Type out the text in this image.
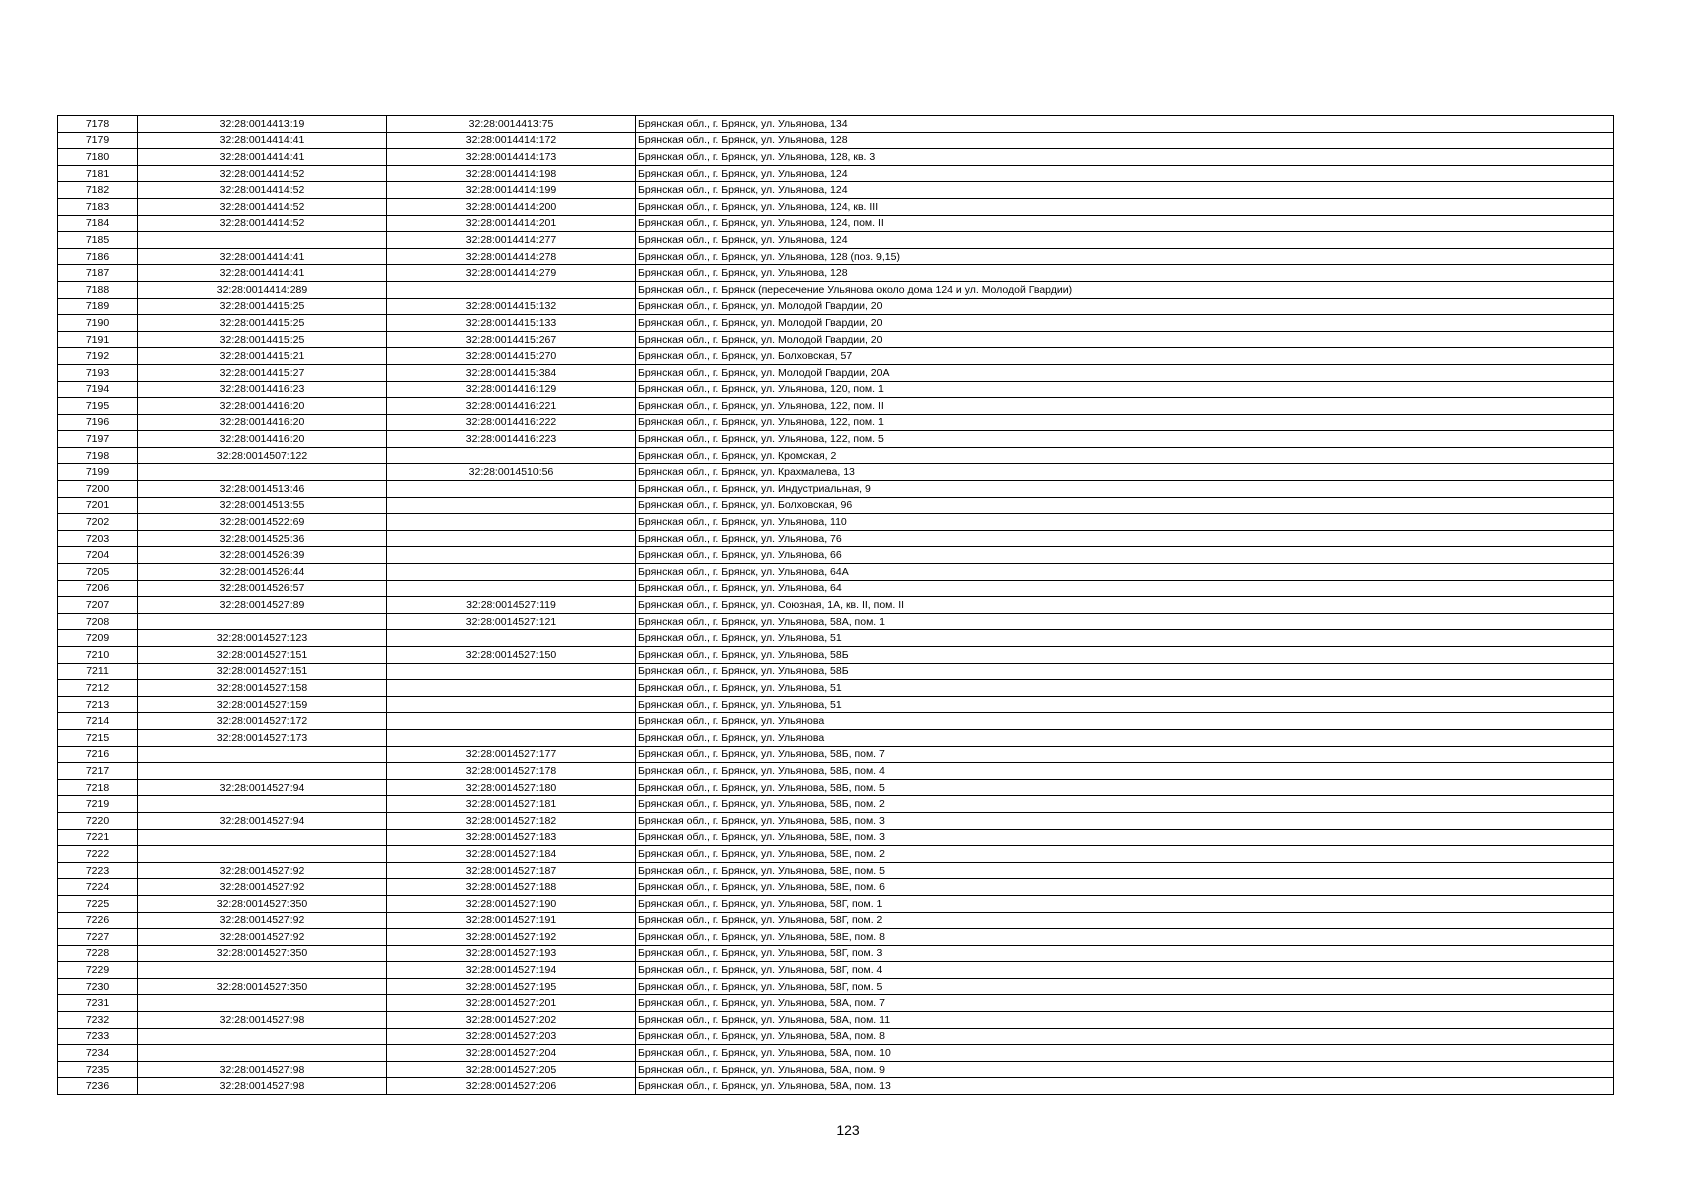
7178	32:28:0014413:19	32:28:0014413:75	Брянская обл., г. Брянск, ул. Ульянова, 134
7179	32:28:0014414:41	32:28:0014414:172	Брянская обл., г. Брянск, ул. Ульянова, 128
7180	32:28:0014414:41	32:28:0014414:173	Брянская обл., г. Брянск, ул. Ульянова, 128, кв. 3
7181	32:28:0014414:52	32:28:0014414:198	Брянская обл., г. Брянск, ул. Ульянова, 124
7182	32:28:0014414:52	32:28:0014414:199	Брянская обл., г. Брянск, ул. Ульянова, 124
7183	32:28:0014414:52	32:28:0014414:200	Брянская обл., г. Брянск, ул. Ульянова, 124, кв. III
7184	32:28:0014414:52	32:28:0014414:201	Брянская обл., г. Брянск, ул. Ульянова, 124, пом. II
7185		32:28:0014414:277	Брянская обл., г. Брянск, ул. Ульянова, 124
7186	32:28:0014414:41	32:28:0014414:278	Брянская обл., г. Брянск, ул. Ульянова, 128 (поз. 9,15)
7187	32:28:0014414:41	32:28:0014414:279	Брянская обл., г. Брянск, ул. Ульянова, 128
7188	32:28:0014414:289		Брянская обл., г. Брянск (пересечение Ульянова около дома 124 и ул. Молодой Гвардии)
7189	32:28:0014415:25	32:28:0014415:132	Брянская обл., г. Брянск, ул. Молодой Гвардии, 20
7190	32:28:0014415:25	32:28:0014415:133	Брянская обл., г. Брянск, ул. Молодой Гвардии, 20
7191	32:28:0014415:25	32:28:0014415:267	Брянская обл., г. Брянск, ул. Молодой Гвардии, 20
7192	32:28:0014415:21	32:28:0014415:270	Брянская обл., г. Брянск, ул. Болховская, 57
7193	32:28:0014415:27	32:28:0014415:384	Брянская обл., г. Брянск, ул. Молодой Гвардии, 20А
7194	32:28:0014416:23	32:28:0014416:129	Брянская обл., г. Брянск, ул. Ульянова, 120, пом. 1
7195	32:28:0014416:20	32:28:0014416:221	Брянская обл., г. Брянск, ул. Ульянова, 122, пом. II
7196	32:28:0014416:20	32:28:0014416:222	Брянская обл., г. Брянск, ул. Ульянова, 122, пом. 1
7197	32:28:0014416:20	32:28:0014416:223	Брянская обл., г. Брянск, ул. Ульянова, 122, пом. 5
7198	32:28:0014507:122		Брянская обл., г. Брянск, ул. Кромская, 2
7199		32:28:0014510:56	Брянская обл., г. Брянск, ул. Крахмалева, 13
7200	32:28:0014513:46		Брянская обл., г. Брянск, ул. Индустриальная, 9
7201	32:28:0014513:55		Брянская обл., г. Брянск, ул. Болховская, 96
7202	32:28:0014522:69		Брянская обл., г. Брянск, ул. Ульянова, 110
7203	32:28:0014525:36		Брянская обл., г. Брянск, ул. Ульянова, 76
7204	32:28:0014526:39		Брянская обл., г. Брянск, ул. Ульянова, 66
7205	32:28:0014526:44		Брянская обл., г. Брянск, ул. Ульянова, 64А
7206	32:28:0014526:57		Брянская обл., г. Брянск, ул. Ульянова, 64
7207	32:28:0014527:89	32:28:0014527:119	Брянская обл., г. Брянск, ул. Союзная, 1А, кв. II, пом. II
7208		32:28:0014527:121	Брянская обл., г. Брянск, ул. Ульянова, 58А, пом. 1
7209	32:28:0014527:123		Брянская обл., г. Брянск, ул. Ульянова, 51
7210	32:28:0014527:151	32:28:0014527:150	Брянская обл., г. Брянск, ул. Ульянова, 58Б
7211	32:28:0014527:151		Брянская обл., г. Брянск, ул. Ульянова, 58Б
7212	32:28:0014527:158		Брянская обл., г. Брянск, ул. Ульянова, 51
7213	32:28:0014527:159		Брянская обл., г. Брянск, ул. Ульянова, 51
7214	32:28:0014527:172		Брянская обл., г. Брянск, ул. Ульянова
7215	32:28:0014527:173		Брянская обл., г. Брянск, ул. Ульянова
7216		32:28:0014527:177	Брянская обл., г. Брянск, ул. Ульянова, 58Б, пом. 7
7217		32:28:0014527:178	Брянская обл., г. Брянск, ул. Ульянова, 58Б, пом. 4
7218	32:28:0014527:94	32:28:0014527:180	Брянская обл., г. Брянск, ул. Ульянова, 58Б, пом. 5
7219		32:28:0014527:181	Брянская обл., г. Брянск, ул. Ульянова, 58Б, пом. 2
7220	32:28:0014527:94	32:28:0014527:182	Брянская обл., г. Брянск, ул. Ульянова, 58Б, пом. 3
7221		32:28:0014527:183	Брянская обл., г. Брянск, ул. Ульянова, 58Е, пом. 3
7222		32:28:0014527:184	Брянская обл., г. Брянск, ул. Ульянова, 58Е, пом. 2
7223	32:28:0014527:92	32:28:0014527:187	Брянская обл., г. Брянск, ул. Ульянова, 58Е, пом. 5
7224	32:28:0014527:92	32:28:0014527:188	Брянская обл., г. Брянск, ул. Ульянова, 58Е, пом. 6
7225	32:28:0014527:350	32:28:0014527:190	Брянская обл., г. Брянск, ул. Ульянова, 58Г, пом. 1
7226	32:28:0014527:92	32:28:0014527:191	Брянская обл., г. Брянск, ул. Ульянова, 58Г, пом. 2
7227	32:28:0014527:92	32:28:0014527:192	Брянская обл., г. Брянск, ул. Ульянова, 58Е, пом. 8
7228	32:28:0014527:350	32:28:0014527:193	Брянская обл., г. Брянск, ул. Ульянова, 58Г, пом. 3
7229		32:28:0014527:194	Брянская обл., г. Брянск, ул. Ульянова, 58Г, пом. 4
7230	32:28:0014527:350	32:28:0014527:195	Брянская обл., г. Брянск, ул. Ульянова, 58Г, пом. 5
7231		32:28:0014527:201	Брянская обл., г. Брянск, ул. Ульянова, 58А, пом. 7
7232	32:28:0014527:98	32:28:0014527:202	Брянская обл., г. Брянск, ул. Ульянова, 58А, пом. 11
7233		32:28:0014527:203	Брянская обл., г. Брянск, ул. Ульянова, 58А, пом. 8
7234		32:28:0014527:204	Брянская обл., г. Брянск, ул. Ульянова, 58А, пом. 10
7235	32:28:0014527:98	32:28:0014527:205	Брянская обл., г. Брянск, ул. Ульянова, 58А, пом. 9
7236	32:28:0014527:98	32:28:0014527:206	Брянская обл., г. Брянск, ул. Ульянова, 58А, пом. 13
123
